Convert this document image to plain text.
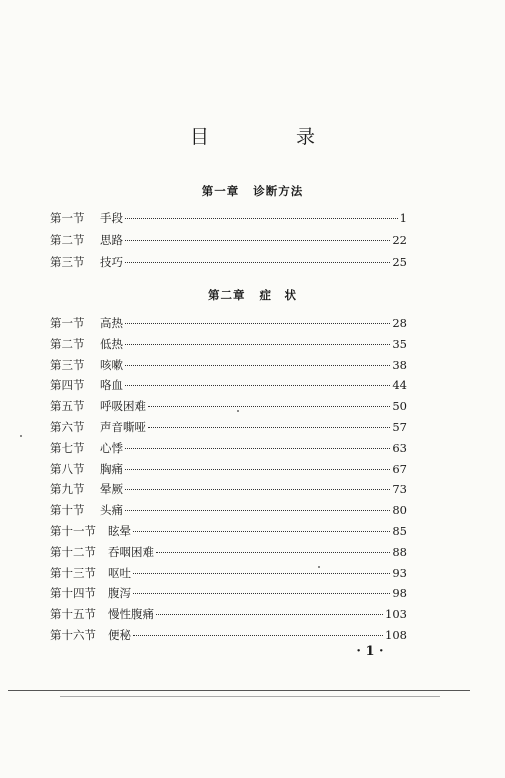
目　录
第一章 诊断方法
第二章 症　状
第一节	手段	1
第二节	思路	22
第三节	技巧	25
第一节	高热	28
第二节	低热	35
第三节	咳嗽	38
第四节	咯血	44
第五节	呼吸困难	50
第六节	声音嘶哑	57
第七节	心悸	63
第八节	胸痛	67
第九节	晕厥	73
第十节	头痛	80
第十一节	眩晕	85
第十二节	吞咽困难	88
第十三节	呕吐	93
第十四节	腹泻	98
第十五节	慢性腹痛	103
第十六节	便秘	108
· 1 ·
